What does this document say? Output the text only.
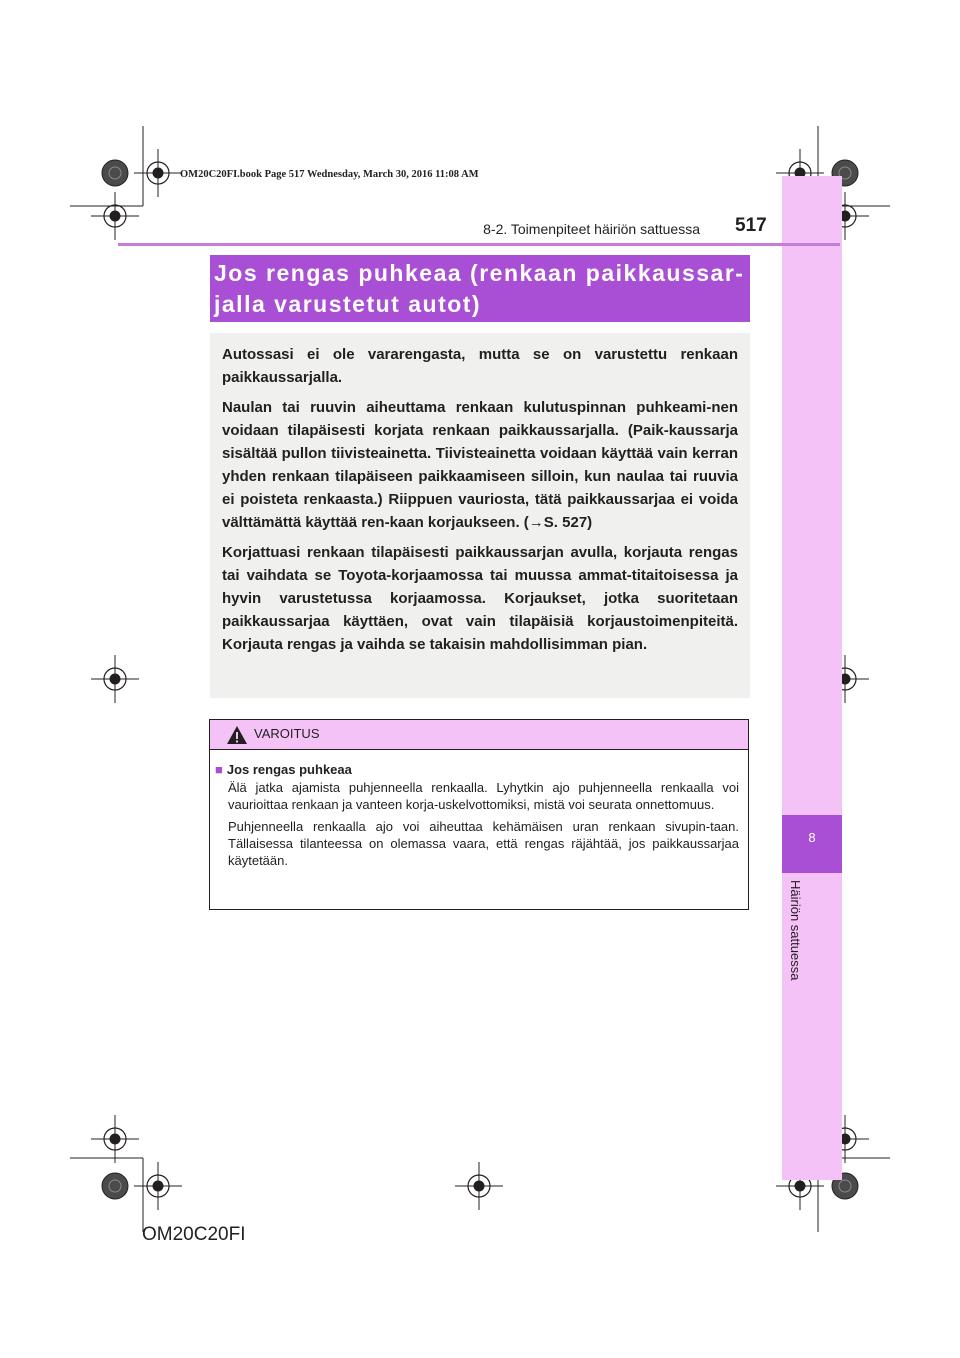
OM20C20FI.book Page 517 Wednesday, March 30, 2016 11:08 AM
8
Häiriön sattuessa
8-2. Toimenpiteet häiriön sattuessa 517
Jos rengas puhkeaa (renkaan paikkaussar-
jalla varustetut autot)

Autossasi ei ole vararengasta, mutta se on varustettu renkaan paikkaussarjalla.

Naulan tai ruuvin aiheuttama renkaan kulutuspinnan puhkeami-nen voidaan tilapäisesti korjata renkaan paikkaussarjalla. (Paik-kaussarja sisältää pullon tiivisteainetta. Tiivisteainetta voidaan käyttää vain kerran yhden renkaan tilapäiseen paikkaamiseen silloin, kun naulaa tai ruuvia ei poisteta renkaasta.) Riippuen vauriosta, tätä paikkaussarjaa ei voida välttämättä käyttää ren-kaan korjaukseen. (→S. 527)

Korjattuasi renkaan tilapäisesti paikkaussarjan avulla, korjauta rengas tai vaihdata se Toyota-korjaamossa tai muussa ammat-titaitoisessa ja hyvin varustetussa korjaamossa. Korjaukset, jotka suoritetaan paikkaussarjaa käyttäen, ovat vain tilapäisiä korjaustoimenpiteitä. Korjauta rengas ja vaihda se takaisin mahdollisimman pian.

VAROITUS
■ Jos rengas puhkeaa

Älä jatka ajamista puhjenneella renkaalla. Lyhytkin ajo puhjenneella renkaalla voi vaurioittaa renkaan ja vanteen korja-uskelvottomiksi, mistä voi seurata onnettomuus.

Puhjenneella renkaalla ajo voi aiheuttaa kehämäisen uran renkaan sivupin-taan. Tällaisessa tilanteessa on olemassa vaara, että rengas räjähtää, jos paikkaussarjaa käytetään.

OM20C20FI
